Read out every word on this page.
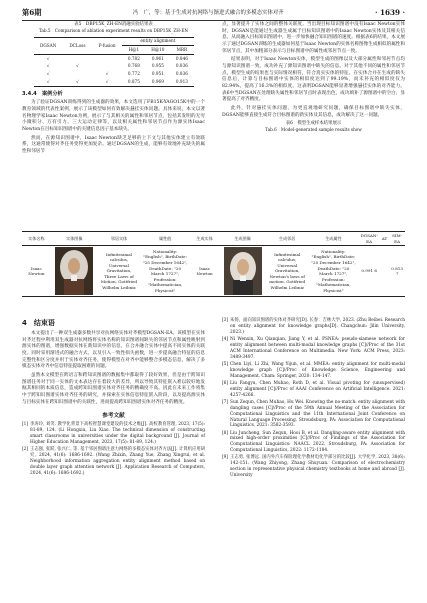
第6期	冯　广，等：基于生成对抗网络与渐进式融合的多模态实体对齐	· 1639 ·
表5　DBP15K_ZH-EN消融实验结果表
Tab.5　Comparison of ablation experiment results on DBP15K_ZH-EN
DGSAN	DCLoss	P-fusion	entity alignment		
			H@1	H@10	MRR
√			0.782	0.961	0.846
√	√		0.768	0.955	0.836
√		√	0.772	0.951	0.836
√	√	√	0.875	0.969	0.913
3.4.4　案例分析

为了验证DGSAN训练得到的生成器的效果，本文选用了FB15K-YAGO15K中的一个教育领域的代表性案例，展示了该模型如何有效解决悬挂实体问题。具体来说，本文以著名物理学家Isaac Newton为例，展示了与其相关的属性和邻居节点，包括其发明的无穷小微积分、万有引力、三大运动定律等，以及相关属性和邻居节点作为源实体Isaac Newton在目标知识图谱中的关键信息因子基本缺失。

然而，在源知识图谱中，Isaac Newton缺乏足够的上下文与其他实体建立有效联系，这通常使得对齐任务变得更加复杂。通过DGSAN的生成，能够有效地补充缺失的属性和邻居节

点，显著提升了实体之间的整体关联度。当出现目标知识图谱中没有Isaac Newton实体时，DGSAN是能通过生成器生成属于目标知识图谱中的Isaac Newton实体及其相关信息，从而融入目标知识图谱中，进一步加快融合知识图谱的速度。根据表6的结果，本文展示了通过DGSAN训练的生成器如何基于Isaac Newton的实体名称图像生成相似的属性和邻居节点，其中加粗部分表示与目标图谱中的属性或邻居节点一致。

结果表明，对于Isaac Newton实体，模型生成的图像以及大部分属性和邻居节点均与源知识图谱一致，成功补充了源知识图谱中缺失的信息。对于其他不同的属性和邻居节点，模型生成的结果也与实际情况相符，符合真实实体的特征。在实体合并在生成的缺失信息后，计算与目标图谱中实体的相似度达到了99.19%，而未补充的相似度仅为82.94%，提高了16.3%的相似度。这表明DGSAN能够显著增强悬挂实体的对齐能力。表6中当DGSAN在处理缺失属性和邻居节点时表现出色，成功填补了源图谱中的空白，显著提高了对齐精度。

此外，针对悬挂实体问题，为更直观地研究问题，确保目标图谱中缺失实体，DGSAN能够直接生成符合目标图谱的新实体及其信息，成功解决了这一问题。

表6　模型生成样本结果展示
Tab.6　Model-generated sample results show
实体名称	实体图像	邻居实体	属性值	生成实体	生成图像	生成邻居	生成属性	DGSAN-EA	AT	SIM-EA
Isaac Newton		Infinitesimal calculus, Universal Gravitation, Three Laws of Motion, Gottfried Wilhelm Leibniz	Nationality: "English", BirthDate: "25 December 1642", DeathDate: "20 March 1727", Profession: "Mathematician, Physicist"	Isaac Newton		Infinitesimal calculus, Universal Gravitation, Newton's laws of motion, Gottfried Wilhelm Leibniz	Nationality: "English", BirthDate: "25 December 1642", DeathDate: "20 March 1727", Profession: "Mathematician, Physicist"	0.991 6		0.813 7
4　结束语

本文提出了一种双生成器多数共享对抗网络实体对齐模型DGSAN-EA。该模型在实体对齐过程中利用双生成器对抗网络将实体名称的知识图谱间缺失的邻居节点和属性映射到源实体的图谱，增强数据实体在新知识中的信息，在合并融合实体中提高不同实体的关联度。同时采用渐进式的融合方式，以及引入一致性损失函数，进一步提高融合特征的信息完整性和区分度并用于实体对齐任务，使得模型在对齐中能够整合多模态信息，解决了多模态实体对齐中信息特征提取困难的问题。

虽然本文模型在跨语言和跨知识图谱的数据集中都取得了较好效果，但是由于跨知识图谱任务对于同一实体的文本表达存在着较大的差异，所以导致其特征嵌入难以较好地发掘其相同的本质信息，造成跨知识图谱实体对齐任务的精确度不高。因此在未来工作将集中于跨知识图谱实体对齐任务的研究，并探索在实体信息特征嵌入阶段，以及提高源实体与目标实体在跨知识图谱中的关联性，进而提高跨知识图谱实体对齐任务的精度。

参考文献
[1] 李涛玲, 刘笑. 教学化背景下高校智慧课堂建设的技术之维[J]. 高校教育管理, 2023, 17(5): 81-89, 124. (Li Hongxiu, Liu Xiao. The technical dimension of constructing smart classrooms in universities under the digital background [J]. Journal of Higher Education Management, 2023, 17(5): 81-89, 124.)
[2] 王志强, 张跃, 张兴仁, 等. 基于邻居图谱注意力网络的多模态实体对齐方法[J]. 计算机应用研究, 2024, 41(6): 1686-1692. (Wang Zhixin, Zhang Yue, Zhang Xingrui, et al. Neighborhood information aggregation entity alignment method based on double layer graph attention network [J]. Application Research of Computers, 2024, 41(6): 1686-1692.)
[3] 朱扬，面向知识图谱的实体对齐研究[D]. 长春：吉林大学, 2023. (Zhu Beibei. Research on entity alignment for knowledge graphs[D]. Changchun: Jilin University, 2023.)
[4] Ni Wenxin, Xu Qianqian, Jiang Y, et al. PSNEA: pseudo-siamese network for entity alignment between multi-modal knowledge graphs [C]//Proc of the 31st ACM International Conference on Multimedia. New York: ACM Press, 2023: 3489-3497.
[5] Chen Liyi, Li Zhi, Wang Yijun, et al. MMEA: entity alignment for multi-modal knowledge graph [C]//Proc of Knowledge Science, Engineering and Management. Cham: Springer, 2020: 134-147.
[6] Liu Fangyu, Chen Muhao, Roth D, et al. Visual pivoting for (unsupervised) entity alignment [C]//Proc of AAAI Conference on Artificial Intelligence. 2021: 4257-4266.
[7] Sun Zequn, Chen Muhao, Hu Wei. Knowing the no-match: entity alignment with dangling cases [C]//Proc of the 59th Annual Meeting of the Association for Computational Linguistics and the 11th International Joint Conference on Natural Language Processing. Stroudsburg, PA: Association for Computational Linguistics, 2021: 3582-3593.
[8] Liu Juncheng, Sun Zequn, Hooi B, et al. Dangling-aware entity alignment with mixed high-order proximities [C]//Proc of Findings of the Association for Computational Linguistics: NAACL 2022. Stroudsburg, PA: Association for Computational Linguistics, 2022: 1172-1184.
[9] 王志勇, 张博远. 国内外汽车保险理化学教材电化学部分的比较[J]. 大学化学, 2023, 38(6): 142-151. (Wang Zhiyong, Zhang Shuyuan. Comparison of electrochemistry section in representative physical chemistry textbooks at home and abroad [J]. University
